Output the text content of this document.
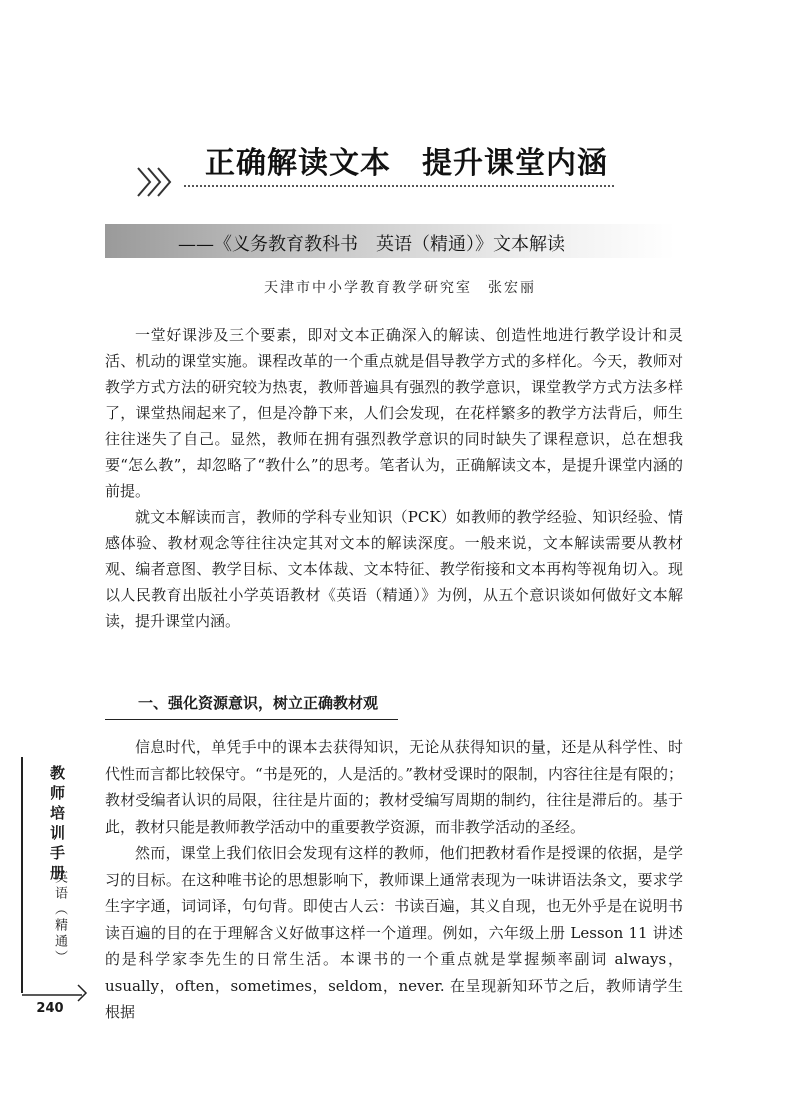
正确解读文本　提升课堂内涵
——《义务教育教科书　英语（精通）》文本解读
天津市中小学教育教学研究室　张宏丽

一堂好课涉及三个要素，即对文本正确深入的解读、创造性地进行教学设计和灵活、机动的课堂实施。课程改革的一个重点就是倡导教学方式的多样化。今天，教师对教学方式方法的研究较为热衷，教师普遍具有强烈的教学意识，课堂教学方式方法多样了，课堂热闹起来了，但是冷静下来，人们会发现，在花样繁多的教学方法背后，师生往往迷失了自己。显然，教师在拥有强烈教学意识的同时缺失了课程意识，总在想我要“怎么教”，却忽略了“教什么”的思考。笔者认为，正确解读文本，是提升课堂内涵的前提。

就文本解读而言，教师的学科专业知识（PCK）如教师的教学经验、知识经验、情感体验、教材观念等往往决定其对文本的解读深度。一般来说，文本解读需要从教材观、编者意图、教学目标、文本体裁、文本特征、教学衔接和文本再构等视角切入。现以人民教育出版社小学英语教材《英语（精通）》为例，从五个意识谈如何做好文本解读，提升课堂内涵。

一、强化资源意识，树立正确教材观

信息时代，单凭手中的课本去获得知识，无论从获得知识的量，还是从科学性、时代性而言都比较保守。“书是死的，人是活的。”教材受课时的限制，内容往往是有限的；教材受编者认识的局限，往往是片面的；教材受编写周期的制约，往往是滞后的。基于此，教材只能是教师教学活动中的重要教学资源，而非教学活动的圣经。

然而，课堂上我们依旧会发现有这样的教师，他们把教材看作是授课的依据，是学习的目标。在这种唯书论的思想影响下，教师课上通常表现为一味讲语法条文，要求学生字字通，词词译，句句背。即使古人云：书读百遍，其义自现，也无外乎是在说明书读百遍的目的在于理解含义好做事这样一个道理。例如，六年级上册 Lesson 11 讲述的是科学家李先生的日常生活。本课书的一个重点就是掌握频率副词 always，usually，often，sometimes，seldom，never. 在呈现新知环节之后，教师请学生根据

教师培训手册
英语（精通）
240
